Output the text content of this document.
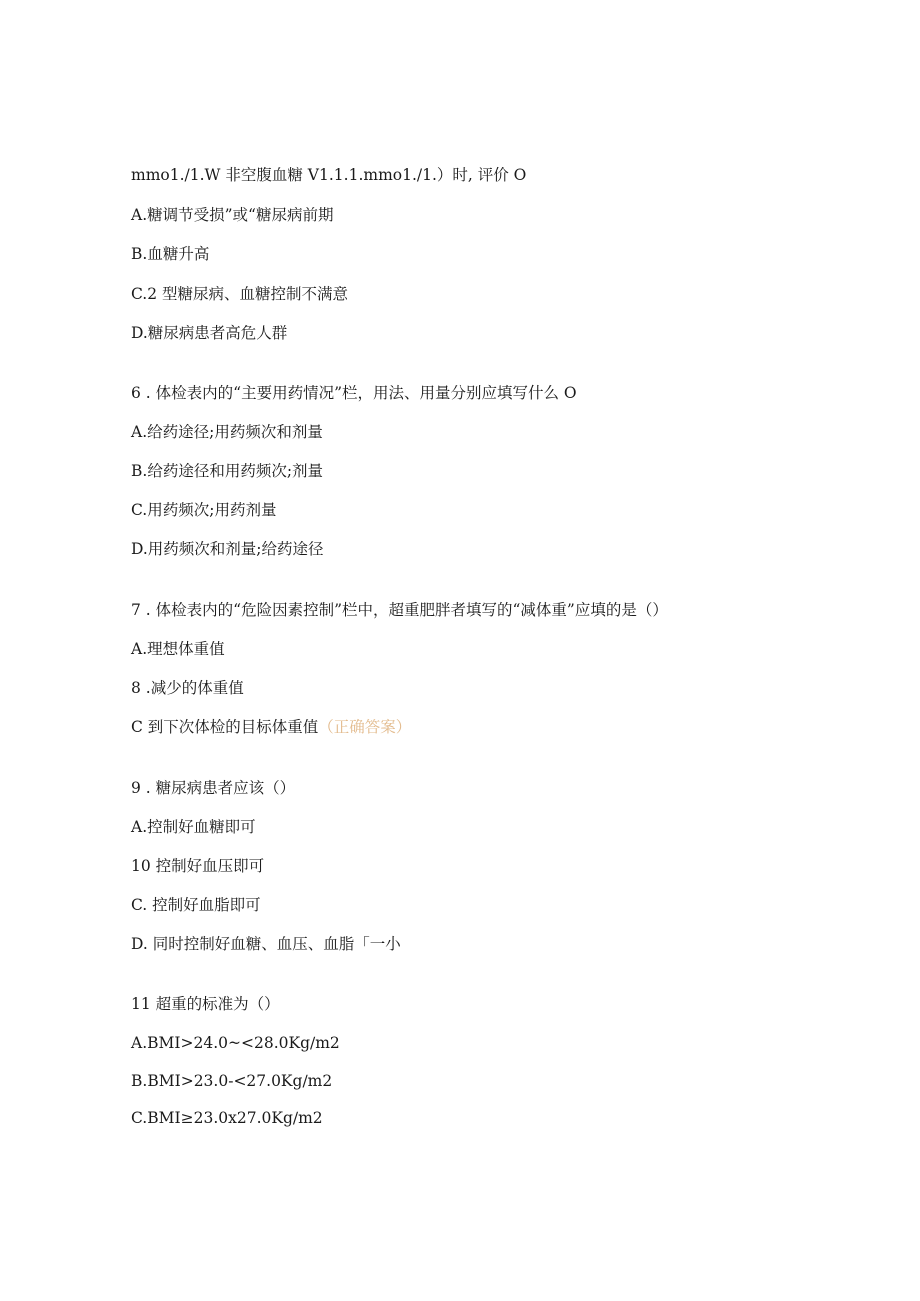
mmo1./1.W 非空腹血糖 V1.1.1.mmo1./1.）时, 评价 O
A.糖调节受损”或“糖尿病前期
B.血糖升高
C.2 型糖尿病、血糖控制不满意
D.糖尿病患者高危人群
6 . 体检表内的“主要用药情况”栏，用法、用量分别应填写什么 O
A.给药途径;用药频次和剂量
B.给药途径和用药频次;剂量
C.用药频次;用药剂量
D.用药频次和剂量;给药途径
7 . 体检表内的“危险因素控制”栏中，超重肥胖者填写的“减体重”应填的是（）
A.理想体重值
8 .减少的体重值
C 到下次体检的目标体重值（正确答案）
9 . 糖尿病患者应该（）
A.控制好血糖即可
10 控制好血压即可
C. 控制好血脂即可
D. 同时控制好血糖、血压、血脂「一小
11 超重的标准为（）
A.BMI>24.0~<28.0Kg∕m2
B.BMI>23.0-<27.0Kg∕m2
C.BMI≥23.0x27.0Kg∕m2
